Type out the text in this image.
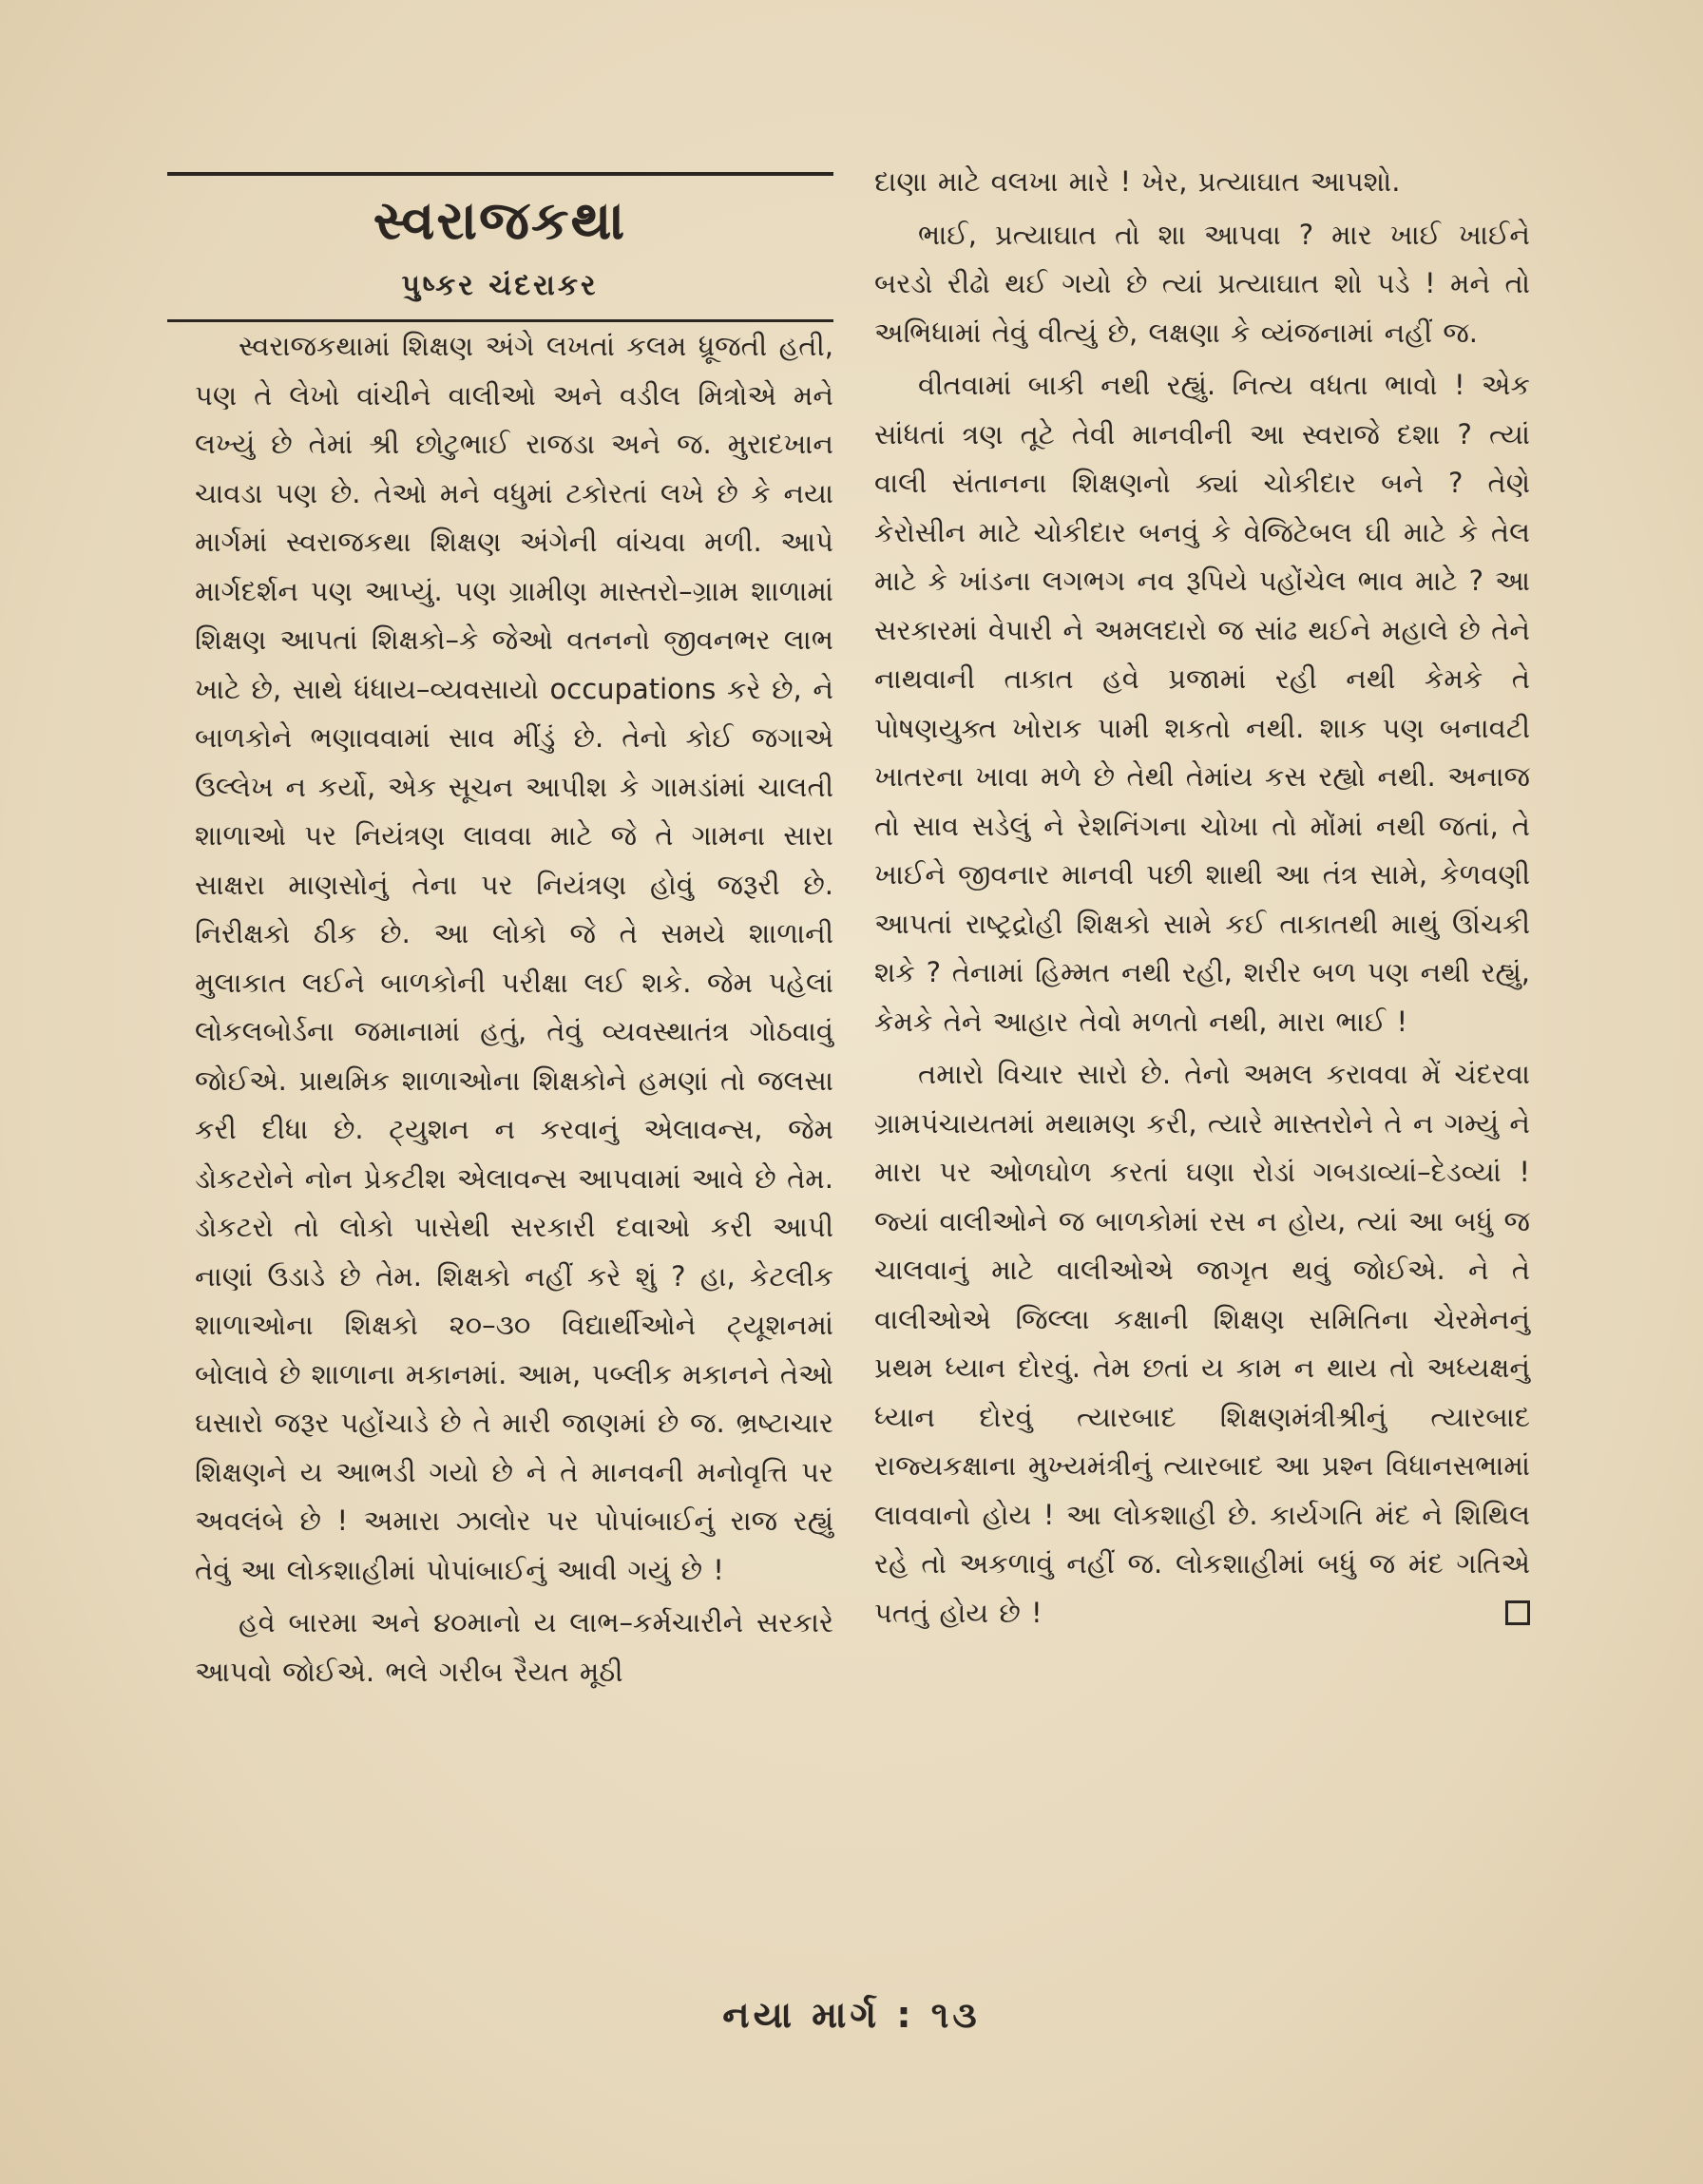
સ્વરાજકથા
પુષ્કર ચંદરાકર

સ્વરાજકથામાં શિક્ષણ અંગે લખતાં કલમ ધ્રૂજતી હતી, પણ તે લેખો વાંચીને વાલીઓ અને વડીલ મિત્રોએ મને લખ્યું છે તેમાં શ્રી છોટુભાઈ રાજડા અને જ. મુરાદખાન ચાવડા પણ છે. તેઓ મને વધુમાં ટકોરતાં લખે છે કે નયા માર્ગમાં સ્વરાજકથા શિક્ષણ અંગેની વાંચવા મળી. આપે માર્ગદર્શન પણ આપ્યું. પણ ગ્રામીણ માસ્તરો–ગ્રામ શાળામાં શિક્ષણ આપતાં શિક્ષકો–કે જેઓ વતનનો જીવનભર લાભ ખાટે છે, સાથે ધંધાય–વ્યવસાયો occupations કરે છે, ને બાળકોને ભણાવવામાં સાવ મીંડું છે. તેનો કોઈ જગાએ ઉલ્લેખ ન કર્યો, એક સૂચન આપીશ કે ગામડાંમાં ચાલતી શાળાઓ પર નિયંત્રણ લાવવા માટે જે તે ગામના સારા સાક્ષરા માણસોનું તેના પર નિયંત્રણ હોવું જરૂરી છે. નિરીક્ષકો ઠીક છે. આ લોકો જે તે સમયે શાળાની મુલાકાત લઈને બાળકોની પરીક્ષા લઈ શકે. જેમ પહેલાં લોકલબોર્ડના જમાનામાં હતું, તેવું વ્યવસ્થાતંત્ર ગોઠવાવું જોઈએ. પ્રાથમિક શાળાઓના શિક્ષકોને હમણાં તો જલસા કરી દીધા છે. ટ્યુશન ન કરવાનું એલાવન્સ, જેમ ડોકટરોને નોન પ્રેકટીશ એલાવન્સ આપવામાં આવે છે તેમ. ડોકટરો તો લોકો પાસેથી સરકારી દવાઓ કરી આપી નાણાં ઉડાડે છે તેમ. શિક્ષકો નહીં કરે શું ? હા, કેટલીક શાળાઓના શિક્ષકો ૨૦–૩૦ વિદ્યાર્થીઓને ટ્યૂશનમાં બોલાવે છે શાળાના મકાનમાં. આમ, પબ્લીક મકાનને તેઓ ઘસારો જરૂર પહોંચાડે છે તે મારી જાણમાં છે જ. ભ્રષ્ટાચાર શિક્ષણને ય આભડી ગયો છે ને તે માનવની મનોવૃત્તિ પર અવલંબે છે ! અમારા ઝાલોર પર પોપાંબાઈનું રાજ રહ્યું તેવું આ લોકશાહીમાં પોપાંબાઈનું આવી ગયું છે !

હવે બારમા અને ૪૦માનો ય લાભ–કર્મચારીને સરકારે આપવો જોઈએ. ભલે ગરીબ રૈયત મૂઠી

દાણા માટે વલખા મારે ! ખેર, પ્રત્યાઘાત આપશો.

ભાઈ, પ્રત્યાઘાત તો શા આપવા ? માર ખાઈ ખાઈને બરડો રીઢો થઈ ગયો છે ત્યાં પ્રત્યાઘાત શો પડે ! મને તો અભિધામાં તેવું વીત્યું છે, લક્ષણા કે વ્યંજનામાં નહીં જ.

વીતવામાં બાકી નથી રહ્યું. નિત્ય વધતા ભાવો ! એક સાંધતાં ત્રણ તૂટે તેવી માનવીની આ સ્વરાજે દશા ? ત્યાં વાલી સંતાનના શિક્ષણનો ક્યાં ચોકીદાર બને ? તેણે કેરોસીન માટે ચોકીદાર બનવું કે વેજિટેબલ ઘી માટે કે તેલ માટે કે ખાંડના લગભગ નવ રૂપિયે પહોંચેલ ભાવ માટે ? આ સરકારમાં વેપારી ને અમલદારો જ સાંઢ થઈને મહાલે છે તેને નાથવાની તાકાત હવે પ્રજામાં રહી નથી કેમકે તે પોષણયુક્ત ખોરાક પામી શકતો નથી. શાક પણ બનાવટી ખાતરના ખાવા મળે છે તેથી તેમાંય કસ રહ્યો નથી. અનાજ તો સાવ સડેલું ને રેશનિંગના ચોખા તો મોંમાં નથી જતાં, તે ખાઈને જીવનાર માનવી પછી શાથી આ તંત્ર સામે, કેળવણી આપતાં રાષ્ટ્રદ્રોહી શિક્ષકો સામે કઈ તાકાતથી માથું ઊંચકી શકે ? તેનામાં હિમ્મત નથી રહી, શરીર બળ પણ નથી રહ્યું, કેમકે તેને આહાર તેવો મળતો નથી, મારા ભાઈ !

તમારો વિચાર સારો છે. તેનો અમલ કરાવવા મેં ચંદરવા ગ્રામપંચાયતમાં મથામણ કરી, ત્યારે માસ્તરોને તે ન ગમ્યું ને મારા પર ઓળઘોળ કરતાં ઘણા રોડાં ગબડાવ્યાં–દેડવ્યાં ! જ્યાં વાલીઓને જ બાળકોમાં રસ ન હોય, ત્યાં આ બધું જ ચાલવાનું માટે વાલીઓએ જાગૃત થવું જોઈએ. ને તે વાલીઓએ જિલ્લા કક્ષાની શિક્ષણ સમિતિના ચેરમેનનું પ્રથમ ધ્યાન દોરવું. તેમ છતાં ય કામ ન થાય તો અધ્યક્ષનું ધ્યાન દોરવું ત્યારબાદ શિક્ષણમંત્રીશ્રીનું ત્યારબાદ રાજ્યકક્ષાના મુખ્યમંત્રીનું ત્યારબાદ આ પ્રશ્ન વિધાનસભામાં લાવવાનો હોય ! આ લોકશાહી છે. કાર્યગતિ મંદ ને શિથિલ રહે તો અકળાવું નહીં જ. લોકશાહીમાં બધું જ મંદ ગતિએ પતતું હોય છે !

નયા માર્ગ : ૧૩
